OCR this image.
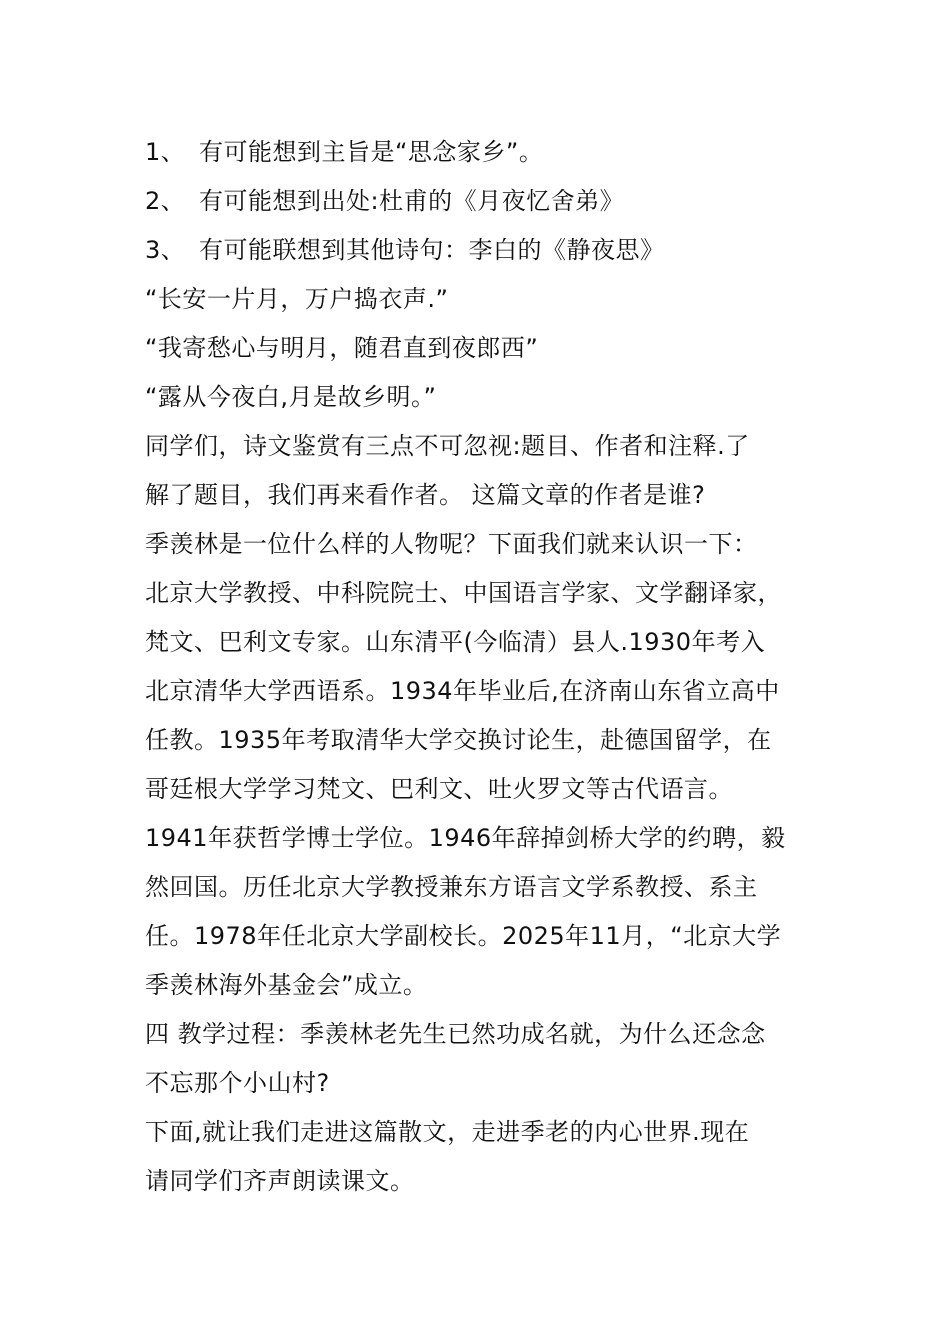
1、 有可能想到主旨是“思念家乡”。
2、 有可能想到出处:杜甫的《月夜忆舍弟》
3、 有可能联想到其他诗句：李白的《静夜思》
“长安一片月，万户捣衣声.”
“我寄愁心与明月，随君直到夜郎西”
“露从今夜白,月是故乡明。”
同学们，诗文鉴赏有三点不可忽视:题目、作者和注释.了
解了题目，我们再来看作者。 这篇文章的作者是谁?
季羡林是一位什么样的人物呢？下面我们就来认识一下：
北京大学教授、中科院院士、中国语言学家、文学翻译家，
梵文、巴利文专家。山东清平(今临清）县人.1930年考入
北京清华大学西语系。1934年毕业后,在济南山东省立高中
任教。1935年考取清华大学交换讨论生，赴德国留学，在
哥廷根大学学习梵文、巴利文、吐火罗文等古代语言。
1941年获哲学博士学位。1946年辞掉剑桥大学的约聘，毅
然回国。历任北京大学教授兼东方语言文学系教授、系主
任。1978年任北京大学副校长。2025年11月，“北京大学
季羡林海外基金会”成立。
四 教学过程：季羡林老先生已然功成名就，为什么还念念
不忘那个小山村?
下面,就让我们走进这篇散文，走进季老的内心世界.现在
请同学们齐声朗读课文。
